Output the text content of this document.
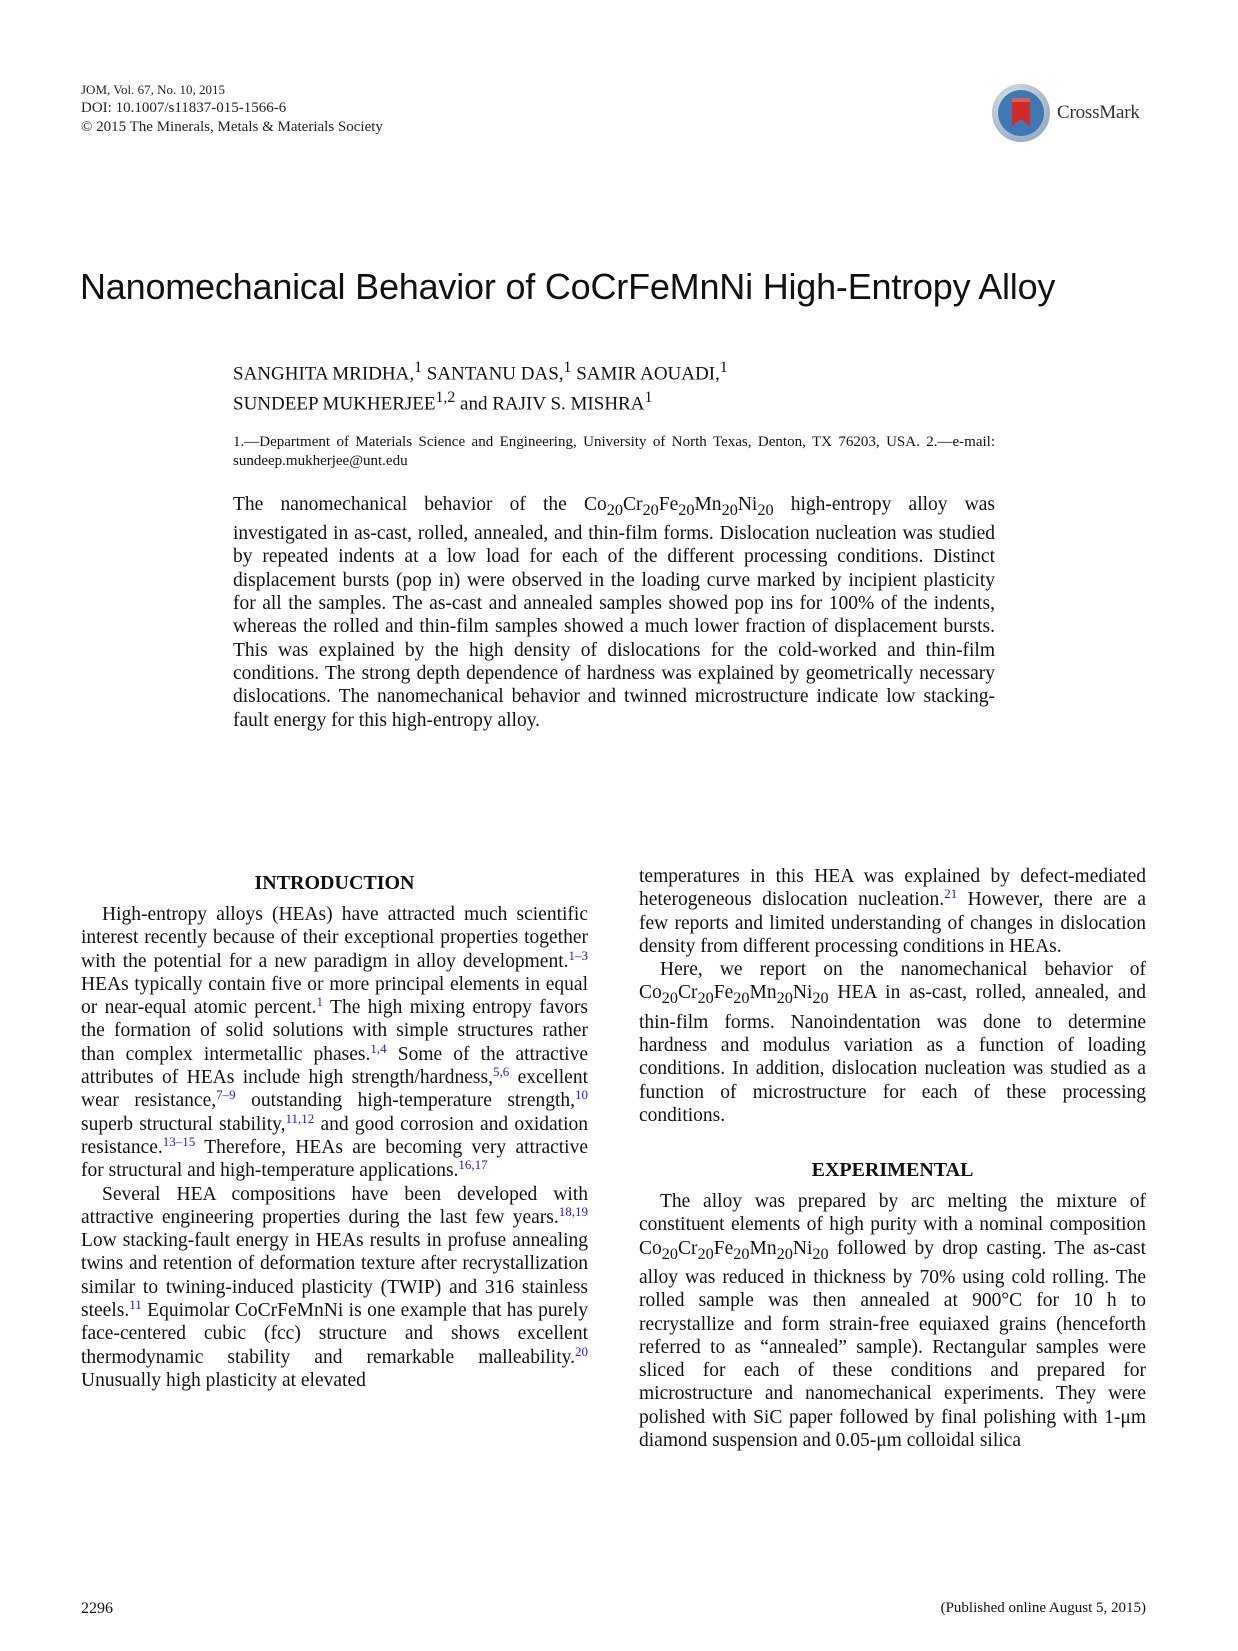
JOM, Vol. 67, No. 10, 2015
DOI: 10.1007/s11837-015-1566-6
© 2015 The Minerals, Metals & Materials Society
CrossMark
Nanomechanical Behavior of CoCrFeMnNi High-Entropy Alloy
SANGHITA MRIDHA,$^1$ SANTANU DAS,$^1$ SAMIR AOUADI,$^1$
SUNDEEP MUKHERJEE$^{1,2}$ and RAJIV S. MISHRA$^1$
1.—Department of Materials Science and Engineering, University of North Texas, Denton, TX 76203, USA. 2.—e-mail: sundeep.mukherjee@unt.edu
The nanomechanical behavior of the $Co_{20}Cr_{20}Fe_{20}Mn_{20}Ni_{20}$ high-entropy alloy was investigated in as-cast, rolled, annealed, and thin-film forms. Dislocation nucleation was studied by repeated indents at a low load for each of the different processing conditions. Distinct displacement bursts (pop in) were observed in the loading curve marked by incipient plasticity for all the samples. The as-cast and annealed samples showed pop ins for 100% of the indents, whereas the rolled and thin-film samples showed a much lower fraction of displacement bursts. This was explained by the high density of dislocations for the cold-worked and thin-film conditions. The strong depth dependence of hardness was explained by geometrically necessary dislocations. The nanomechanical behavior and twinned microstructure indicate low stacking-fault energy for this high-entropy alloy.
INTRODUCTION

High-entropy alloys (HEAs) have attracted much scientific interest recently because of their exceptional properties together with the potential for a new paradigm in alloy development.$^{1-3}$ HEAs typically contain five or more principal elements in equal or near-equal atomic percent.$^1$ The high mixing entropy favors the formation of solid solutions with simple structures rather than complex intermetallic phases.$^{1,4}$ Some of the attractive attributes of HEAs include high strength/hardness,$^{5,6}$ excellent wear resistance,$^{7-9}$ outstanding high-temperature strength,$^{10}$ superb structural stability,$^{11,12}$ and good corrosion and oxidation resistance.$^{13-15}$ Therefore, HEAs are becoming very attractive for structural and high-temperature applications.$^{16,17}$

Several HEA compositions have been developed with attractive engineering properties during the last few years.$^{18,19}$ Low stacking-fault energy in HEAs results in profuse annealing twins and retention of deformation texture after recrystallization similar to twining-induced plasticity (TWIP) and 316 stainless steels.$^{11}$ Equimolar CoCrFeMnNi is one example that has purely face-centered cubic (fcc) structure and shows excellent thermodynamic stability and remarkable malleability.$^{20}$ Unusually high plasticity at elevated

temperatures in this HEA was explained by defect-mediated heterogeneous dislocation nucleation.$^{21}$ However, there are a few reports and limited understanding of changes in dislocation density from different processing conditions in HEAs.

Here, we report on the nanomechanical behavior of $Co_{20}Cr_{20}Fe_{20}Mn_{20}Ni_{20}$ HEA in as-cast, rolled, annealed, and thin-film forms. Nanoindentation was done to determine hardness and modulus variation as a function of loading conditions. In addition, dislocation nucleation was studied as a function of microstructure for each of these processing conditions.

EXPERIMENTAL

The alloy was prepared by arc melting the mixture of constituent elements of high purity with a nominal composition $Co_{20}Cr_{20}Fe_{20}Mn_{20}Ni_{20}$ followed by drop casting. The as-cast alloy was reduced in thickness by 70% using cold rolling. The rolled sample was then annealed at 900°C for 10 h to recrystallize and form strain-free equiaxed grains (henceforth referred to as “annealed” sample). Rectangular samples were sliced for each of these conditions and prepared for microstructure and nanomechanical experiments. They were polished with SiC paper followed by final polishing with 1-μm diamond suspension and 0.05-μm colloidal silica

2296	(Published online August 5, 2015)
